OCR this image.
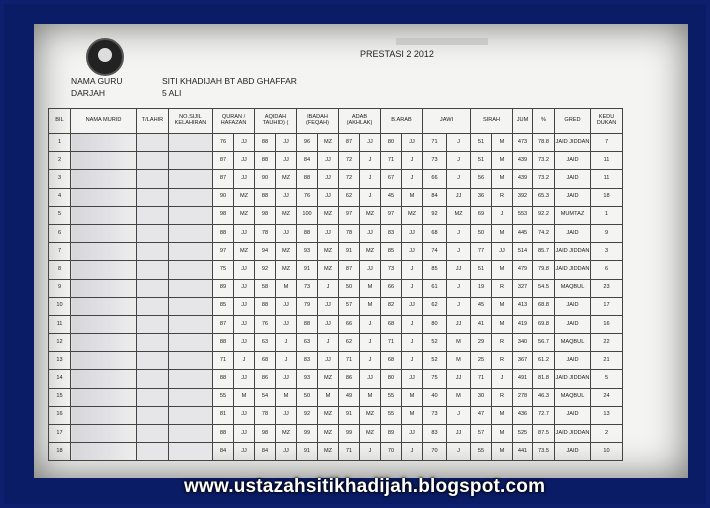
PRESTASI 2 2012
NAMA GURU	SITI KHADIJAH BT ABD GHAFFAR
DARJAH	5 ALI
BIL	NAMA MURID	T/LAHIR	NO.SIJIL KELAHIRAN	QURAN / HAFAZAN		AQIDAH TAUHID) (		IBADAH (FEQAH)		ADAB (AKHLAK)		B.ARAB		JAWI		SIRAH		JUM	%	GRED	KEDU DUKAN
1				76	JJ	88	JJ	96	MZ	87	JJ	80	JJ	71	J	51	M	473	78.8	JAID JIDDAN	7
2				87	JJ	88	JJ	84	JJ	72	J	71	J	73	J	51	M	439	73.2	JAID	11
3				87	JJ	90	MZ	88	JJ	72	J	67	J	66	J	56	M	439	73.2	JAID	11
4				90	MZ	88	JJ	76	JJ	62	J	45	M	84	JJ	36	R	392	65.3	JAID	18
5				98	MZ	98	MZ	100	MZ	97	MZ	97	MZ	92	MZ	69	J	553	92.2	MUMTAZ	1
6				88	JJ	78	JJ	88	JJ	78	JJ	83	JJ	68	J	50	M	445	74.2	JAID	9
7				97	MZ	94	MZ	93	MZ	91	MZ	85	JJ	74	J	77	JJ	514	85.7	JAID JIDDAN	3
8				75	JJ	92	MZ	91	MZ	87	JJ	73	J	85	JJ	51	M	479	79.8	JAID JIDDAN	6
9				89	JJ	58	M	73	J	50	M	66	J	61	J	19	R	327	54.5	MAQBUL	23
10				85	JJ	88	JJ	79	JJ	57	M	82	JJ	62	J	45	M	413	68.8	JAID	17
11				87	JJ	76	JJ	88	JJ	66	J	68	J	80	JJ	41	M	419	69.8	JAID	16
12				88	JJ	63	J	63	J	62	J	71	J	52	M	29	R	340	56.7	MAQBUL	22
13				71	J	68	J	83	JJ	71	J	68	J	52	M	25	R	367	61.2	JAID	21
14				88	JJ	86	JJ	93	MZ	86	JJ	80	JJ	75	JJ	71	J	491	81.8	JAID JIDDAN	5
15				55	M	54	M	50	M	49	M	55	M	40	M	30	R	278	46.3	MAQBUL	24
16				81	JJ	78	JJ	92	MZ	91	MZ	55	M	73	J	47	M	436	72.7	JAID	13
17				88	JJ	98	MZ	99	MZ	99	MZ	89	JJ	83	JJ	57	M	525	87.5	JAID JIDDAN	2
18				84	JJ	84	JJ	91	MZ	71	J	70	J	70	J	55	M	441	73.5	JAID	10
www.ustazahsitikhadijah.blogspot.com
